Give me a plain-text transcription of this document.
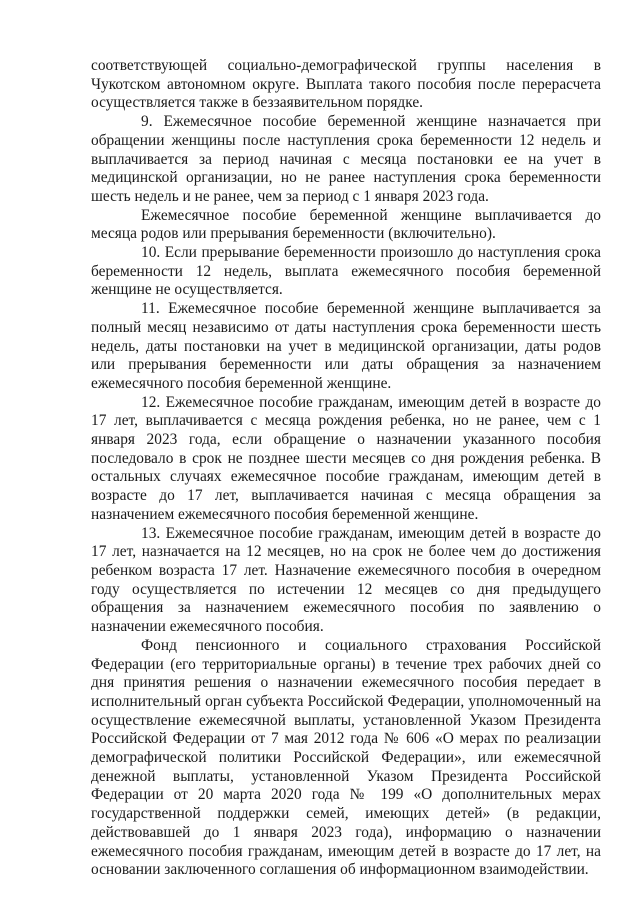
соответствующей социально-демографической группы населения в Чукотском автономном округе. Выплата такого пособия после перерасчета осуществляется также в беззаявительном порядке.

9. Ежемесячное пособие беременной женщине назначается при обращении женщины после наступления срока беременности 12 недель и выплачивается за период начиная с месяца постановки ее на учет в медицинской организации, но не ранее наступления срока беременности шесть недель и не ранее, чем за период с 1 января 2023 года.

Ежемесячное пособие беременной женщине выплачивается до месяца родов или прерывания беременности (включительно).

10. Если прерывание беременности произошло до наступления срока беременности 12 недель, выплата ежемесячного пособия беременной женщине не осуществляется.

11. Ежемесячное пособие беременной женщине выплачивается за полный месяц независимо от даты наступления срока беременности шесть недель, даты постановки на учет в медицинской организации, даты родов или прерывания беременности или даты обращения за назначением ежемесячного пособия беременной женщине.

12. Ежемесячное пособие гражданам, имеющим детей в возрасте до 17 лет, выплачивается с месяца рождения ребенка, но не ранее, чем с 1 января 2023 года, если обращение о назначении указанного пособия последовало в срок не позднее шести месяцев со дня рождения ребенка. В остальных случаях ежемесячное пособие гражданам, имеющим детей в возрасте до 17 лет, выплачивается начиная с месяца обращения за назначением ежемесячного пособия беременной женщине.

13. Ежемесячное пособие гражданам, имеющим детей в возрасте до 17 лет, назначается на 12 месяцев, но на срок не более чем до достижения ребенком возраста 17 лет. Назначение ежемесячного пособия в очередном году осуществляется по истечении 12 месяцев со дня предыдущего обращения за назначением ежемесячного пособия по заявлению о назначении ежемесячного пособия.

Фонд пенсионного и социального страхования Российской Федерации (его территориальные органы) в течение трех рабочих дней со дня принятия решения о назначении ежемесячного пособия передает в исполнительный орган субъекта Российской Федерации, уполномоченный на осуществление ежемесячной выплаты, установленной Указом Президента Российской Федерации от 7 мая 2012 года № 606 «О мерах по реализации демографической политики Российской Федерации», или ежемесячной денежной выплаты, установленной Указом Президента Российской Федерации от 20 марта 2020 года № 199 «О дополнительных мерах государственной поддержки семей, имеющих детей» (в редакции, действовавшей до 1 января 2023 года), информацию о назначении ежемесячного пособия гражданам, имеющим детей в возрасте до 17 лет, на основании заключенного соглашения об информационном взаимодействии.
